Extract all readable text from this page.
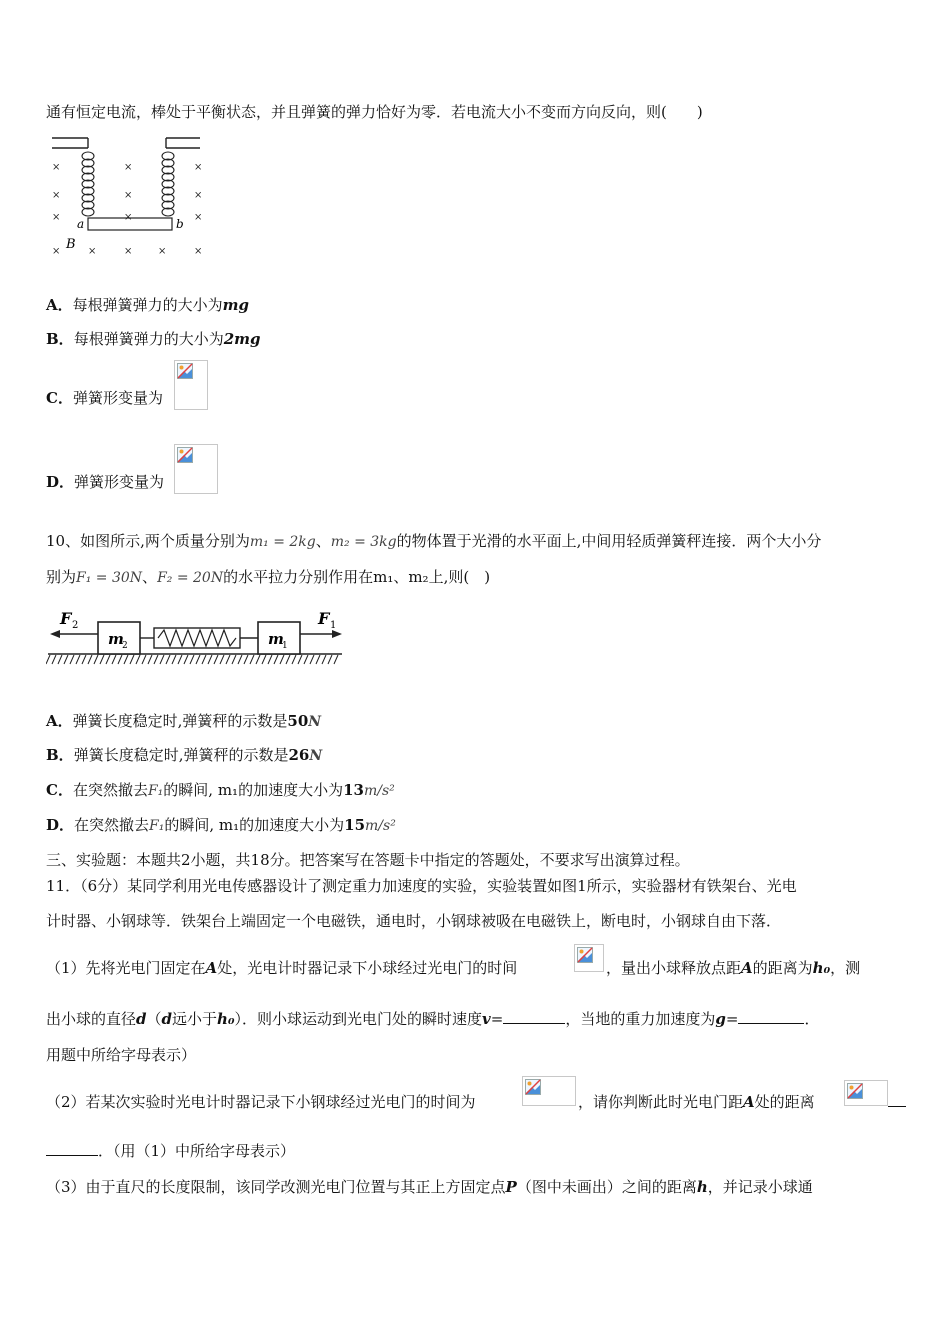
通有恒定电流，棒处于平衡状态，并且弹簧的弹力恰好为零．若电流大小不变而方向反向，则(　　)
×	×	×
×	×	×
×	×	×
×	×	×	×	×
a	b
B
A．每根弹簧弹力的大小为mg
B．每根弹簧弹力的大小为2mg
C．弹簧形变量为
D．弹簧形变量为
10、如图所示,两个质量分别为m₁ = 2kg、m₂ = 3kg的物体置于光滑的水平面上,中间用轻质弹簧秤连接．两个大小分
别为F₁ = 30N、F₂ = 20N的水平拉力分别作用在m₁、m₂上,则(　)
m
2	m
1
F 2	F 1
A．弹簧长度稳定时,弹簧秤的示数是50N
B．弹簧长度稳定时,弹簧秤的示数是26N
C．在突然撤去F₁的瞬间, m₁的加速度大小为13m/s²
D．在突然撤去F₁的瞬间, m₁的加速度大小为15m/s²
三、实验题：本题共2小题，共18分。把答案写在答题卡中指定的答题处，不要求写出演算过程。
11．（6分）某同学利用光电传感器设计了测定重力加速度的实验，实验装置如图1所示，实验器材有铁架台、光电
计时器、小钢球等．铁架台上端固定一个电磁铁，通电时，小钢球被吸在电磁铁上，断电时，小钢球自由下落．
（1）先将光电门固定在A处，光电计时器记录下小球经过光电门的时间	，量出小球释放点距A的距离为h₀，测
出小球的直径d（d远小于h₀）．则小球运动到光电门处的瞬时速度v=	，当地的重力加速度为g=	．
用题中所给字母表示）
（2）若某次实验时光电计时器记录下小钢球经过光电门的时间为	，请你判断此时光电门距A处的距离
．（用（1）中所给字母表示）
（3）由于直尺的长度限制，该同学改测光电门位置与其正上方固定点P（图中未画出）之间的距离h，并记录小球通
